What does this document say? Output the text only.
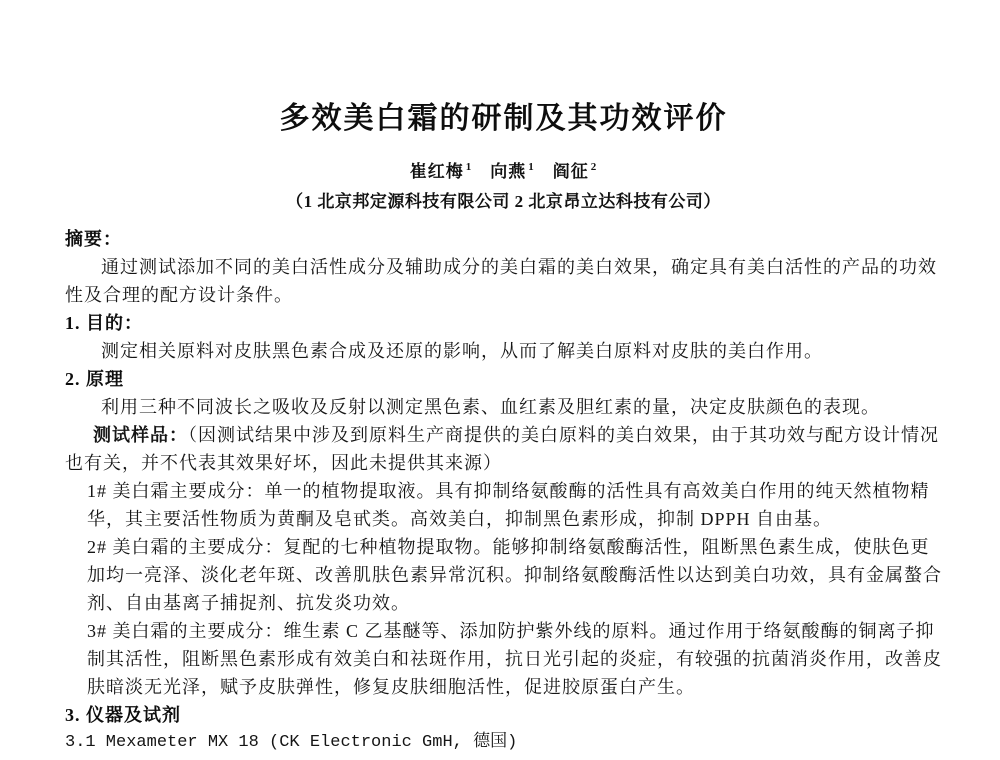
多效美白霜的研制及其功效评价
崔红梅 $^1$ 向燕 $^1$ 阎征 $^2$
（1 北京邦定源科技有限公司 2 北京昂立达科技有公司）
摘要：

通过测试添加不同的美白活性成分及辅助成分的美白霜的美白效果，确定具有美白活性的产品的功效性及合理的配方设计条件。

1. 目的：

测定相关原料对皮肤黑色素合成及还原的影响，从而了解美白原料对皮肤的美白作用。

2. 原理

利用三种不同波长之吸收及反射以测定黑色素、血红素及胆红素的量，决定皮肤颜色的表现。

测试样品：（因测试结果中涉及到原料生产商提供的美白原料的美白效果，由于其功效与配方设计情况也有关，并不代表其效果好坏，因此未提供其来源）

1# 美白霜主要成分：单一的植物提取液。具有抑制络氨酸酶的活性具有高效美白作用的纯天然植物精华，其主要活性物质为黄酮及皂甙类。高效美白，抑制黑色素形成，抑制 DPPH 自由基。

2# 美白霜的主要成分：复配的七种植物提取物。能够抑制络氨酸酶活性，阻断黑色素生成，使肤色更加均一亮泽、淡化老年斑、改善肌肤色素异常沉积。抑制络氨酸酶活性以达到美白功效，具有金属螯合剂、自由基离子捕捉剂、抗发炎功效。

3# 美白霜的主要成分：维生素 C 乙基醚等、添加防护紫外线的原料。通过作用于络氨酸酶的铜离子抑制其活性，阻断黑色素形成有效美白和祛斑作用，抗日光引起的炎症，有较强的抗菌消炎作用，改善皮肤暗淡无光泽，赋予皮肤弹性，修复皮肤细胞活性，促进胶原蛋白产生。

3. 仪器及试剂

3.1 Mexameter MX 18 (CK Electronic GmH, 德国)
